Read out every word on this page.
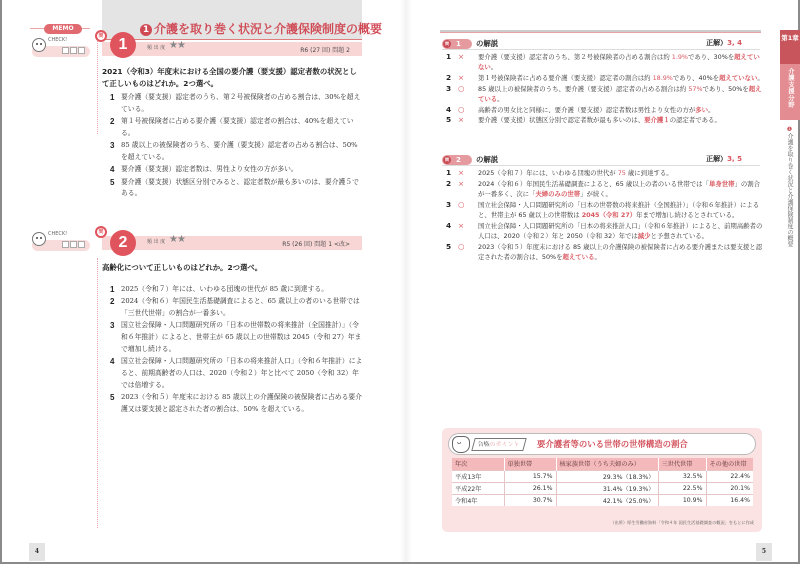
1 介護を取り巻く状況と介護保険制度の概要
MEMO
CHECK!
頻 出 度 ★★	R6 (27 回) 問題 2
1
問
2021（令和3）年度末における全国の要介護（要支援）認定者数の状況として正しいものはどれか。2つ選べ。
1 要介護（要支援）認定者のうち、第２号被保険者の占める割合は、30%を超えている。
2 第１号被保険者に占める要介護（要支援）認定者の割合は、40%を超えている。
3 85 歳以上の被保険者のうち、要介護（要支援）認定者の占める割合は、50%を超えている。
4 要介護（要支援）認定者数は、男性より女性の方が多い。
5 要介護（要支援）状態区分別でみると、認定者数が最も多いのは、要介護５である。
CHECK!
頻 出 度 ★★	R5 (26 回) 問題 1 <改>
2
問
高齢化について正しいものはどれか。2つ選べ。
1 2025（令和７）年には、いわゆる団塊の世代が 85 歳に到達する。
2 2024（令和６）年国民生活基礎調査によると、65 歳以上の者のいる世帯では「三世代世帯」の割合が一番多い。
3 国立社会保障・人口問題研究所の「日本の世帯数の将来推計（全国推計）」（令和６年推計）によると、世帯主が 65 歳以上の世帯数は 2045（令和 27）年まで増加し続ける。
4 国立社会保障・人口問題研究所の「日本の将来推計人口」（令和６年推計）によると、前期高齢者の人口は、2020（令和２）年と比べて 2050（令和 32）年では倍増する。
5 2023（令和５）年度末における 85 歳以上の介護保険の被保険者に占める要介護又は要支援と認定された者の割合は、50% を超えている。
4
問 1 の解説	正解）3, 4
1 × 要介護（要支援）認定者のうち、第２号被保険者の占める割合は約 1.9%であり、30%を超えていない。
2 × 第１号被保険者に占める要介護（要支援）認定者の割合は約 18.9%であり、40%を超えていない。
3 ○ 85 歳以上の被保険者のうち、要介護（要支援）認定者の占める割合は約 57%であり、50%を超えている。
4 ○ 高齢者の男女比と同様に、要介護（要支援）認定者数は男性より女性の方が多い。
5 × 要介護（要支援）状態区分別で認定者数が最も多いのは、要介護１の認定者である。
問 2 の解説	正解）3, 5
1 × 2025（令和７）年には、いわゆる団塊の世代が 75 歳に到達する。
2 × 2024（令和６）年国民生活基礎調査によると、65 歳以上の者のいる世帯では「単身世帯」の割合が一番多く、次に「夫婦のみの世帯」が続く。
3 ○ 国立社会保障・人口問題研究所の「日本の世帯数の将来推計（全国推計）」（令和６年推計）によると、世帯主が 65 歳以上の世帯数は 2045（令和 27）年まで増加し続けるとされている。
4 × 国立社会保障・人口問題研究所の「日本の将来推計人口」（令和６年推計）によると、前期高齢者の人口は、2020（令和２）年と 2050（令和 32）年では減少と予想されている。
5 ○ 2023（令和５）年度末における 85 歳以上の介護保険の被保険者に占める要介護または要支援と認定された者の割合は、50%を超えている。
第1章
介護支援分野
❶介護を取り巻く状況と介護保険制度の概要
ᴗ
合格のポイント	要介護者等のいる世帯の世帯構造の割合
年次	単独世帯	核家族世帯（うち夫婦のみ）	三世代世帯	その他の世帯
平成13年	15.7%	29.3%（18.3%）	32.5%	22.4%
平成22年	26.1%	31.4%（19.3%）	22.5%	20.1%
令和4年	30.7%	42.1%（25.0%）	10.9%	16.4%
（出所）厚生労働省資料「令和４年 国民生活基礎調査の概況」をもとに作成
5
